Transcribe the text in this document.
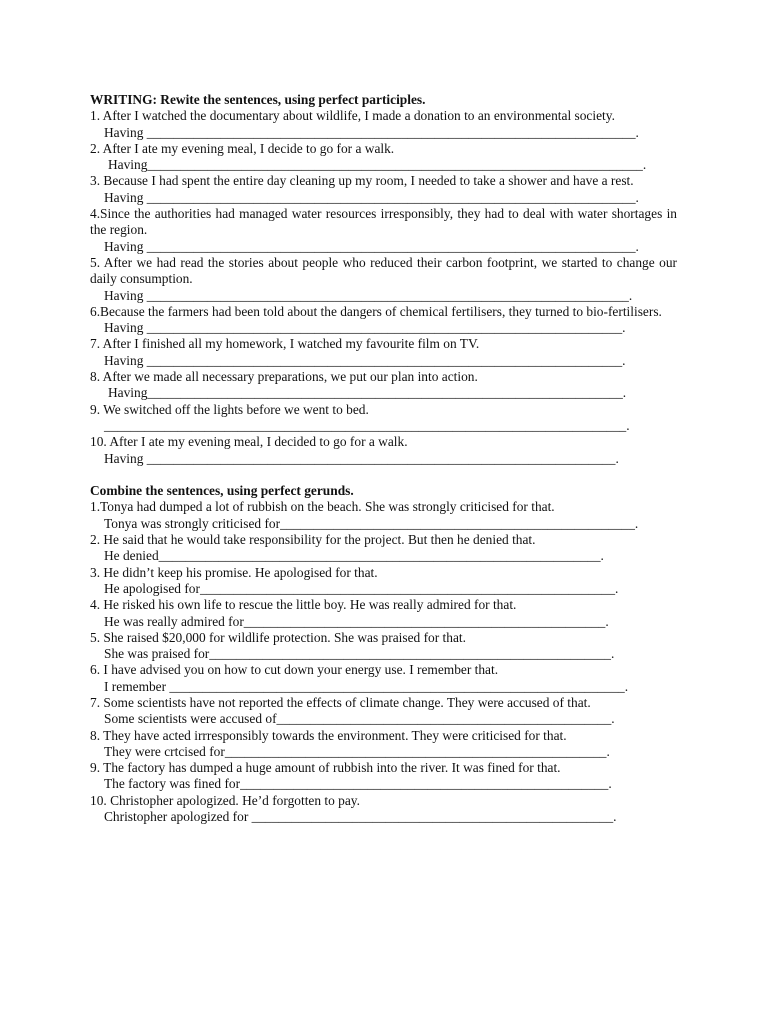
WRITING: Rewite the sentences, using perfect participles.
1. After I watched the documentary about wildlife, I made a donation to an environmental society.
Having _________________________________________________________________________.
2. After I ate my evening meal, I decide to go for a walk.
Having__________________________________________________________________________.
3. Because I had spent the entire day cleaning up my room, I needed to take a shower and have a rest.
Having _________________________________________________________________________.
4.Since the authorities had managed water resources irresponsibly, they had to deal with water shortages in the region.
Having _________________________________________________________________________.
5. After we had read the stories about people who reduced their carbon footprint, we started to change our daily consumption.
Having ________________________________________________________________________.
6.Because the farmers had been told about the dangers of chemical fertilisers, they turned to bio-fertilisers.
Having _______________________________________________________________________.
7. After I finished all my homework, I watched my favourite film on TV.
Having _______________________________________________________________________.
8. After we made all necessary preparations, we put our plan into action.
Having_______________________________________________________________________.
9. We switched off the lights before we went to bed.
______________________________________________________________________________.
10. After I ate my evening meal, I decided to go for a walk.
Having ______________________________________________________________________.
Combine the sentences, using perfect gerunds.
1.Tonya had dumped a lot of rubbish on the beach. She was strongly criticised for that.
Tonya was strongly criticised for_____________________________________________________.
2. He said that he would take responsibility for the project. But then he denied that.
He denied__________________________________________________________________.
3. He didn’t keep his promise. He apologised for that.
He apologised for______________________________________________________________.
4. He risked his own life to rescue the little boy. He was really admired for that.
He was really admired for______________________________________________________.
5. She raised $20,000 for wildlife protection. She was praised for that.
She was praised for____________________________________________________________.
6. I have advised you on how to cut down your energy use. I remember that.
I remember ____________________________________________________________________.
7. Some scientists have not reported the effects of climate change. They were accused of that.
Some scientists were accused of__________________________________________________.
8. They have acted irrresponsibly towards the environment. They were criticised for that.
They were crtcised for_________________________________________________________.
9. The factory has dumped a huge amount of rubbish into the river. It was fined for that.
The factory was fined for_______________________________________________________.
10. Christopher apologized. He’d forgotten to pay.
Christopher apologized for ______________________________________________________.
